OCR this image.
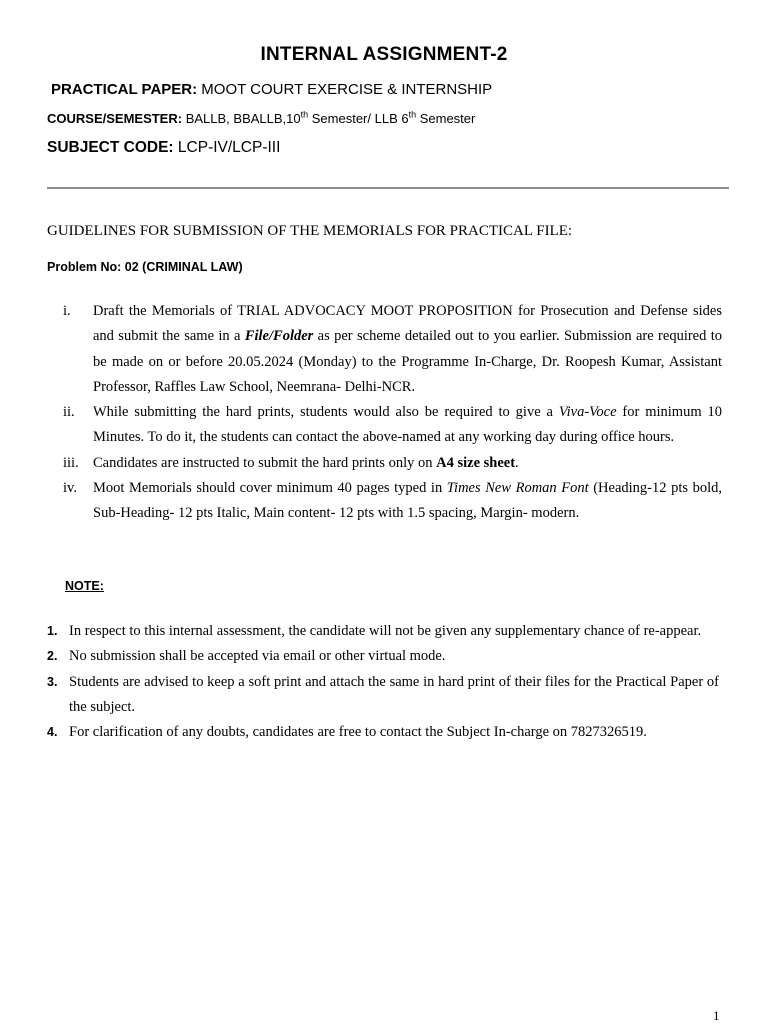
INTERNAL ASSIGNMENT-2
PRACTICAL PAPER: MOOT COURT EXERCISE & INTERNSHIP
COURSE/SEMESTER: BALLB, BBALLB,10th Semester/ LLB 6th Semester
SUBJECT CODE: LCP-IV/LCP-III
GUIDELINES FOR SUBMISSION OF THE MEMORIALS FOR PRACTICAL FILE:
Problem No: 02 (CRIMINAL LAW)
i.	Draft the Memorials of TRIAL ADVOCACY MOOT PROPOSITION for Prosecution and Defense sides and submit the same in a File/Folder as per scheme detailed out to you earlier. Submission are required to be made on or before 20.05.2024 (Monday) to the Programme In-Charge, Dr. Roopesh Kumar, Assistant Professor, Raffles Law School, Neemrana- Delhi-NCR.
ii.	While submitting the hard prints, students would also be required to give a Viva-Voce for minimum 10 Minutes. To do it, the students can contact the above-named at any working day during office hours.
iii. Candidates are instructed to submit the hard prints only on A4 size sheet.
iv.	Moot Memorials should cover minimum 40 pages typed in Times New Roman Font (Heading-12 pts bold, Sub-Heading- 12 pts Italic, Main content- 12 pts with 1.5 spacing, Margin- modern.
NOTE:
1. In respect to this internal assessment, the candidate will not be given any supplementary chance of re-appear.
2. No submission shall be accepted via email or other virtual mode.
3. Students are advised to keep a soft print and attach the same in hard print of their files for the Practical Paper of the subject.
4. For clarification of any doubts, candidates are free to contact the Subject In-charge on 7827326519.
1
